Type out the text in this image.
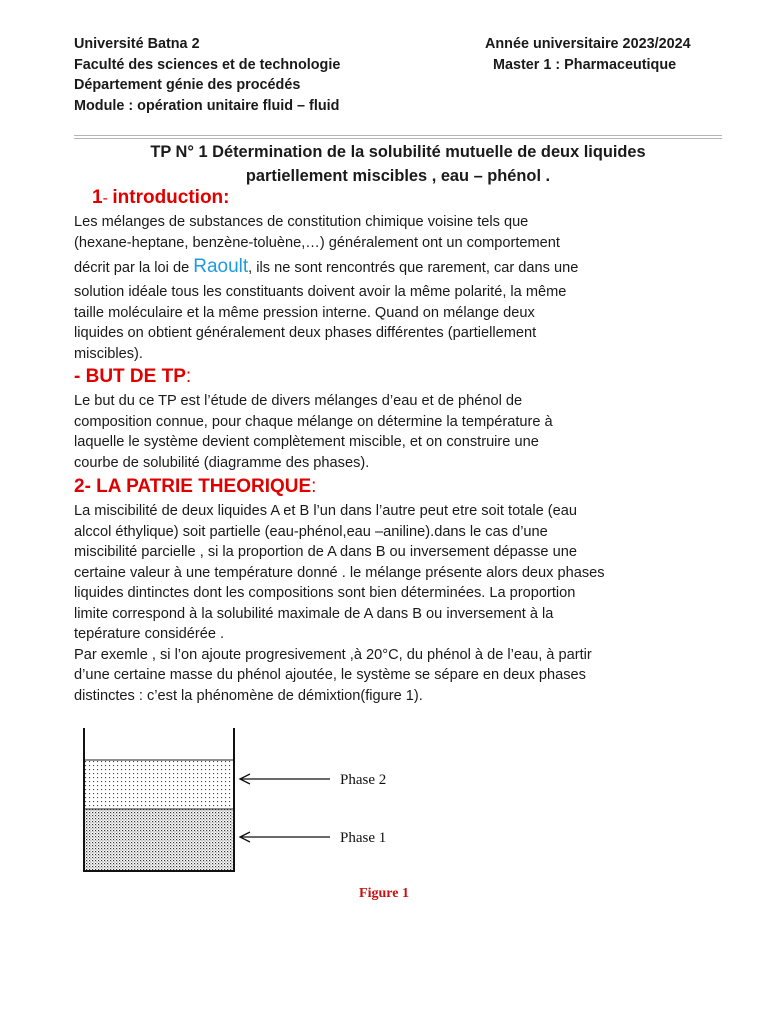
Université Batna 2
Faculté des sciences et de technologie
Département génie des procédés
Module : opération unitaire fluid – fluid
Année universitaire 2023/2024
Master 1 : Pharmaceutique
TP N° 1 Détermination de la solubilité mutuelle de deux liquides
partiellement miscibles , eau – phénol .
1- introduction:
Les mélanges de substances de constitution chimique voisine tels que
(hexane-heptane, benzène-toluène,…) généralement ont un comportement
décrit par la loi de Raoult, ils ne sont rencontrés que rarement, car dans une
solution idéale tous les constituants doivent avoir la même polarité, la même
taille moléculaire et la même pression interne. Quand on mélange deux
liquides on obtient généralement deux phases différentes (partiellement
miscibles).
- BUT DE TP:
Le but du ce TP est l’étude de divers mélanges d’eau et de phénol de
composition connue, pour chaque mélange on détermine la température à
laquelle le système devient complètement miscible, et on construire une
courbe de solubilité (diagramme des phases).
2- LA PATRIE THEORIQUE:
La miscibilité de deux liquides A et B l’un dans l’autre peut etre soit totale (eau
alccol éthylique) soit partielle (eau-phénol,eau –aniline).dans le cas d’une
miscibilité parcielle , si la proportion de A dans B ou inversement dépasse une
certaine valeur à une température donné . le mélange présente alors deux phases
liquides dintinctes dont les compositions sont bien déterminées. La proportion
limite correspond à la solubilité maximale de A dans B ou inversement à la
tepérature considérée .
Par exemle , si l’on ajoute progresivement ,à 20°C, du phénol à de l’eau, à partir
d’une certaine masse du phénol ajoutée, le système se sépare en deux phases
distinctes : c’est la phénomène de démixtion(figure 1).
Phase 2
Phase 1
Figure 1
